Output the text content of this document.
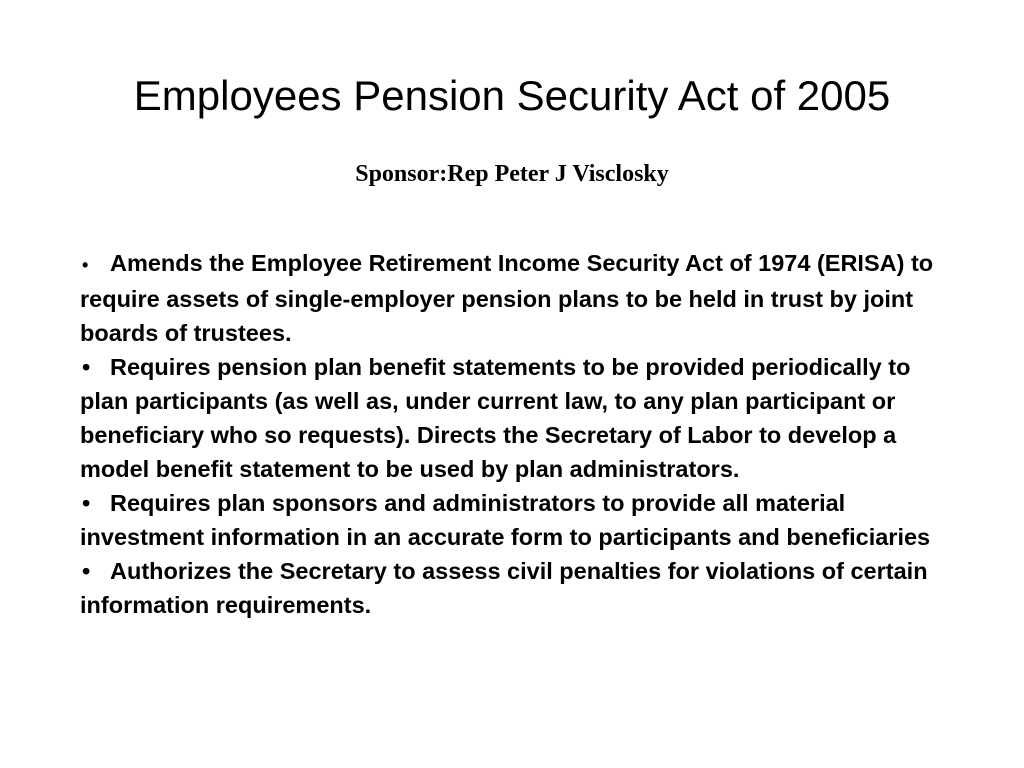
Employees Pension Security Act of 2005

Sponsor:Rep Peter J Visclosky

• Amends the Employee Retirement Income Security Act of 1974 (ERISA) to require assets of single-employer pension plans to be held in trust by joint boards of trustees.
• Requires pension plan benefit statements to be provided periodically to plan participants (as well as, under current law, to any plan participant or beneficiary who so requests). Directs the Secretary of Labor to develop a model benefit statement to be used by plan administrators.
• Requires plan sponsors and administrators to provide all material investment information in an accurate form to participants and beneficiaries
• Authorizes the Secretary to assess civil penalties for violations of certain information requirements.
